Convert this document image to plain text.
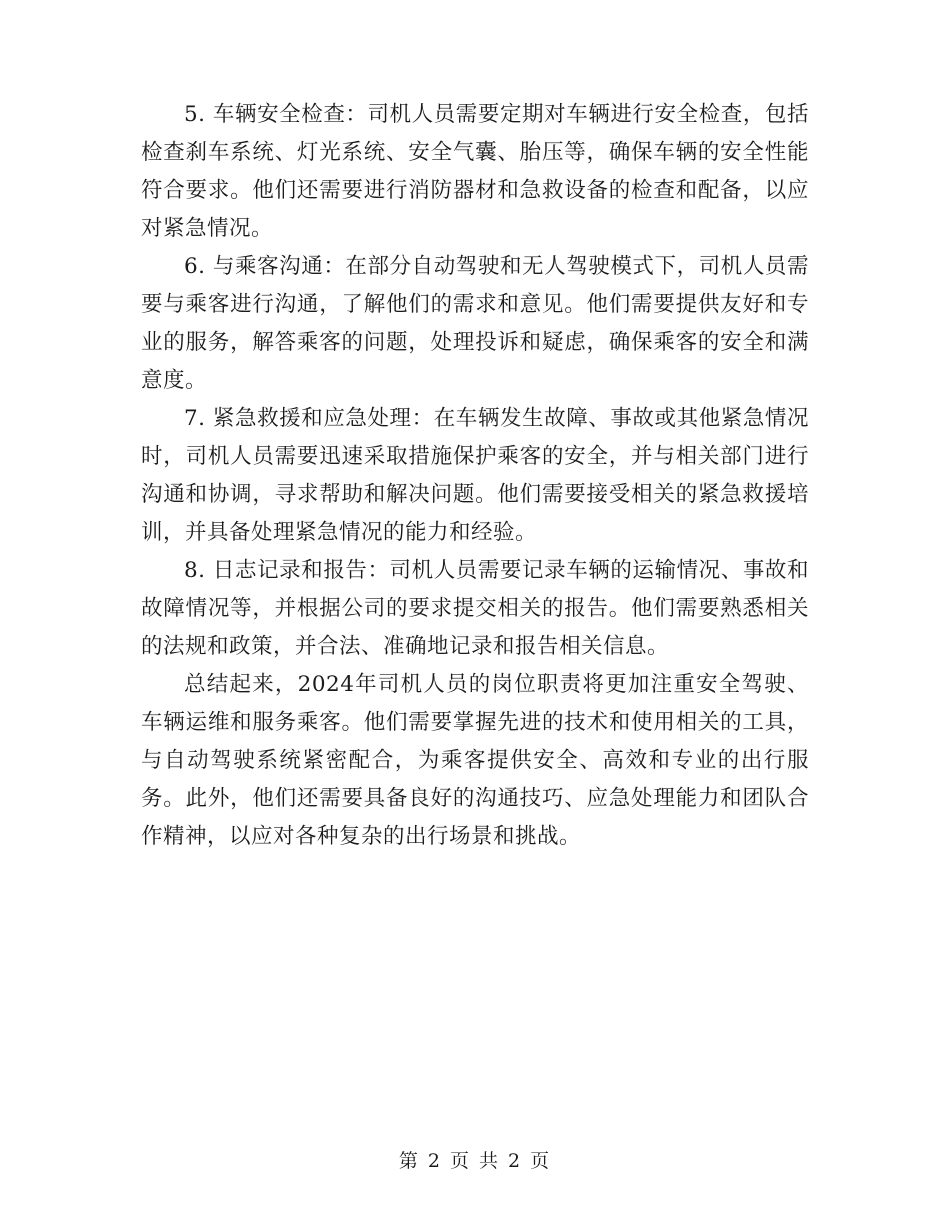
5. 车辆安全检查：司机人员需要定期对车辆进行安全检查，包括检查刹车系统、灯光系统、安全气囊、胎压等，确保车辆的安全性能符合要求。他们还需要进行消防器材和急救设备的检查和配备，以应对紧急情况。

6. 与乘客沟通：在部分自动驾驶和无人驾驶模式下，司机人员需要与乘客进行沟通，了解他们的需求和意见。他们需要提供友好和专业的服务，解答乘客的问题，处理投诉和疑虑，确保乘客的安全和满意度。

7. 紧急救援和应急处理：在车辆发生故障、事故或其他紧急情况时，司机人员需要迅速采取措施保护乘客的安全，并与相关部门进行沟通和协调，寻求帮助和解决问题。他们需要接受相关的紧急救援培训，并具备处理紧急情况的能力和经验。

8. 日志记录和报告：司机人员需要记录车辆的运输情况、事故和故障情况等，并根据公司的要求提交相关的报告。他们需要熟悉相关的法规和政策，并合法、准确地记录和报告相关信息。

总结起来，2024年司机人员的岗位职责将更加注重安全驾驶、车辆运维和服务乘客。他们需要掌握先进的技术和使用相关的工具，与自动驾驶系统紧密配合，为乘客提供安全、高效和专业的出行服务。此外，他们还需要具备良好的沟通技巧、应急处理能力和团队合作精神，以应对各种复杂的出行场景和挑战。

第 2 页 共 2 页
